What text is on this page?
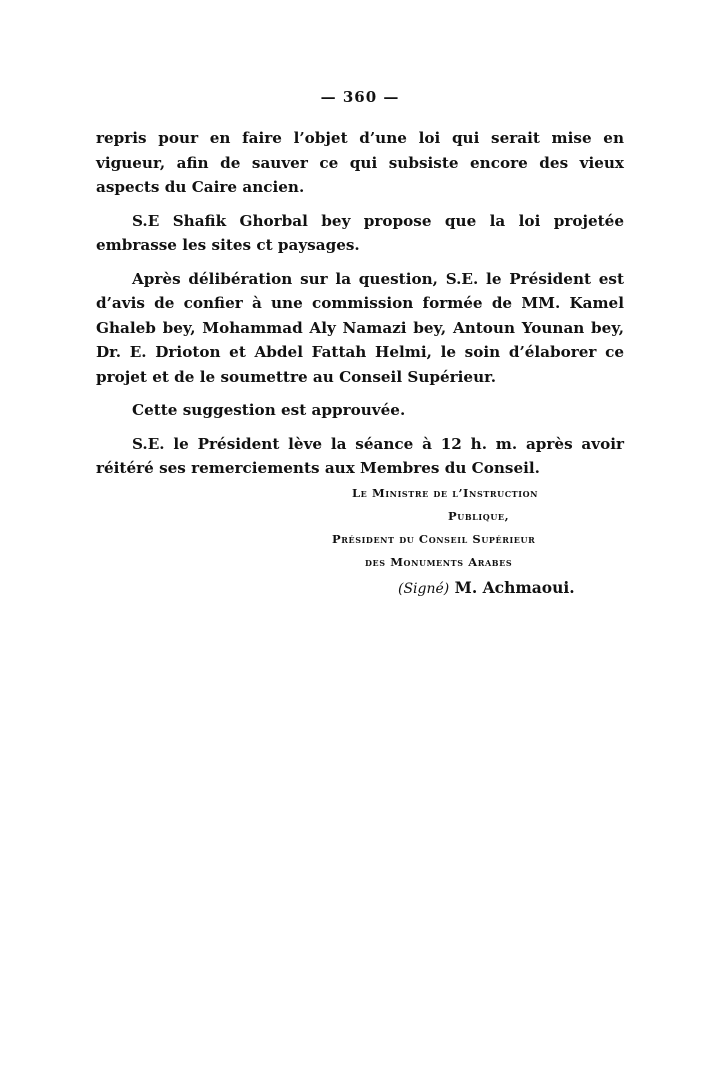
— 360 —

repris pour en faire l’objet d’une loi qui serait mise en vigueur, afin de sauver ce qui subsiste encore des vieux aspects du Caire ancien.

S.E Shafik Ghorbal bey propose que la loi projetée embrasse les sites ct paysages.

Après délibération sur la question, S.E. le Président est d’avis de confier à une commission formée de MM. Kamel Ghaleb bey, Mohammad Aly Namazi bey, Antoun Younan bey, Dr. E. Drioton et Abdel Fattah Helmi, le soin d’élaborer ce projet et de le soumettre au Conseil Supérieur.

Cette suggestion est approuvée.

S.E. le Président lève la séance à 12 h. m. après avoir réitéré ses remerciements aux Membres du Conseil.

Le Ministre de l’Instruction
Publique,
Président du Conseil Supérieur
des Monuments Arabes
(Signé) M. Achmaoui.
